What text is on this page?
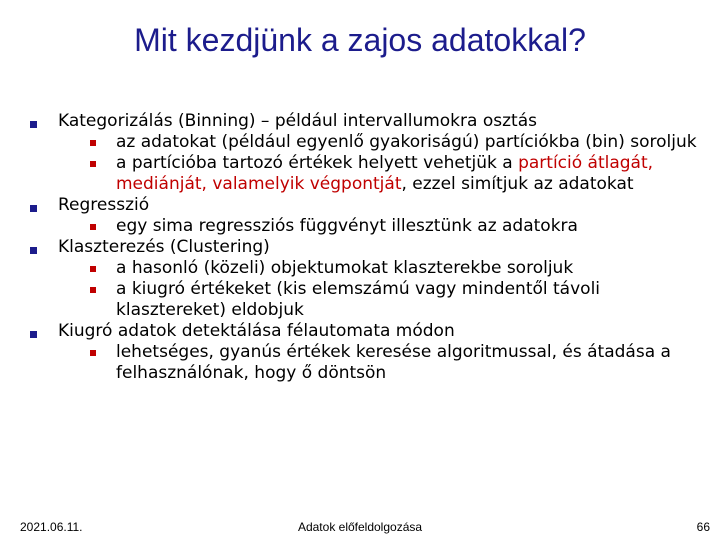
Mit kezdjünk a zajos adatokkal?
Kategorizálás (Binning) – például intervallumokra osztás
az adatokat (például egyenlő gyakoriságú) partíciókba (bin) soroljuk
a partícióba tartozó értékek helyett vehetjük a partíció átlagát, mediánját, valamelyik végpontját, ezzel simítjuk az adatokat
Regresszió
egy sima regressziós függvényt illesztünk az adatokra
Klaszterezés (Clustering)
a hasonló (közeli) objektumokat klaszterekbe soroljuk
a kiugró értékeket (kis elemszámú vagy mindentől távoli klasztereket) eldobjuk
Kiugró adatok detektálása félautomata módon
lehetséges, gyanús értékek keresése algoritmussal, és átadása a felhasználónak, hogy ő döntsön
2021.06.11.	Adatok előfeldolgozása	66
